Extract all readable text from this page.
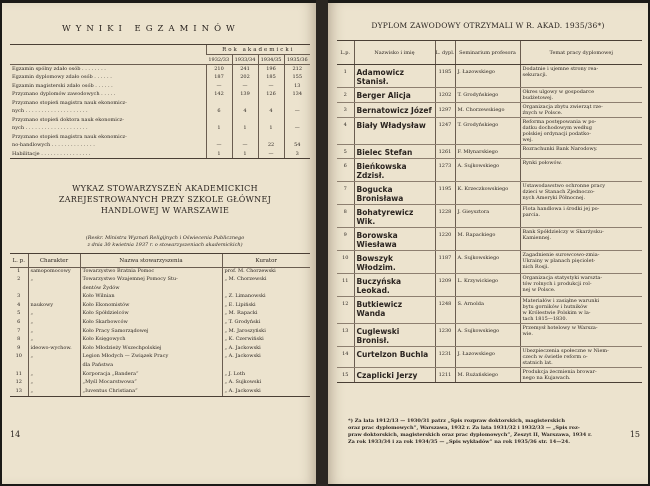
WYNIKI EGZAMINÓW
	Rok akademicki			
	1932/33	1933/34	1934/35	1935/36
Egzamin spólny zdało osób . . . . . . . .	210	241	196	212
Egzamin dyplomowy zdało osób . . . . . .	187	202	185	155
Egzamin magisterski zdało osób . . . . . .	—	—	—	13
Przyznano dyplomów zawodowych . . . . .	142	139	126	134
Przyznano stopień magistra nauk ekonomicz-				
nych . . . . . . . . . . . . . . . . . . . .	6	4	4	—
Przyznano stopień doktora nauk ekonomicz-				
nych . . . . . . . . . . . . . . . . . . . .	1	1	1	—
Przyznano stopień magistra nauk ekonomicz-				
no-handlowych . . . . . . . . . . . . . .	—	—	22	54
Habilitacje . . . . . . . . . . . . . . . .	1	1	—	3
WYKAZ STOWARZYSZEŃ AKADEMICKICH
ZAREJESTROWANYCH PRZY SZKOLE GŁÓWNEJ
HANDLOWEJ W WARSZAWIE
(Reskr. Ministra Wyznań Religijnych i Oświecenia Publicznego
z dnia 30 kwietnia 1937 r. o stowarzyszeniach akademickich)
L. p.	Charakter	Nazwa stowarzyszenia	Kurator
1	samopomocowy	Towarzystwo Bratnia Pomoc	prof. M. Chorzewski
2	„	Towarzystwo Wzajemnej Pomocy Stu-	„ M. Chorzewski
		dentów Żydów	
3		Koło Wilnian	„ Z. Limanowski
4	naukowy	Koło Ekonomistów	„ E. Lipiński
5	„	Koło Spółdzielców	„ M. Rapacki
6	„	Koło Skarbowców	„ T. Grodyński
7	„	Koło Pracy Samorządowej	„ M. Jaroszyński
8	„	Koło Księgowych	„ K. Czerwiński
9	ideowo-wychow.	Koło Młodzieży Wszechpolskiej	„ A. Jackowski
10	„	Legion Młodych — Związek Pracy	„ A. Jackowski
		dla Państwa	
11	„	Korporacja „Bandera”	„ J. Loth
12	„	„Myśl Mocarstwowa”	„ A. Sujkowski
13	„	„Iuventus Christiana”	„ A. Jackowski
14
DYPLOM ZAWODOWY OTRZYMALI W R. AKAD. 1935/36*)
L.p.	Nazwisko i imię	L. dypl.	Seminarium profesora	Temat pracy dyplomowej
1	Adamowicz Stanisł.	1185	J. Łazowskiego	Dodatnie i ujemne strony rea-
sekuracji.

2	Berger Alicja	1202	T. Grodyńskiego	Okres ulgowy w gospodarce
budżetowej.

3	Bernatowicz Józef	1297	M. Chorzewskiego	Organizacja zbytu zwierząt rze-
źnych w Polsce.

4	Biały Władysław	1247	T. Grodyńskiego	Reforma postępowania w po-
datku dochodowym według
polskiej ordynacji podatko-
wej.

5	Bielec Stefan	1261	F. Młynarskiego	Rozrachunki Bank Narodowy.

6	Bieńkowska Zdzisł.	1273	A. Sujkowskiego	Rynki połowów.

7	Bogucka Bronisława	1195	K. Krzeczkowskiego	Ustawodawstwo ochronne pracy
dzieci w Stanach Zjednoczo-
nych Ameryki Północnej.

8	Bohatyrewicz Wik.	1228	J. Gieysztora	Flota handlowa i środki jej po-
parcia.

9	Borowska Wiesława	1220	M. Rapackiego	Bank Spółdzielczy w Skarżysku-
Kamiennej.

10	Bowszyk Włodzim.	1187	A. Sujkowskiego	Zagadnienie surowcowo-zmia-
Ukrainy w planach pięciolet-
nich Rosji.

11	Buczyńska Leokad.	1209	L. Krzywickiego	Organizacja statystyki warszta-
tów rolnych i produkcji rol-
nej w Polsce.

12	Butkiewicz Wanda	1248	S. Arnolda	Materiałów i zasiąłne warunki
bytu gorników i hutników
w Królestwie Polskim w la-
tach 1815—1830.

13	Cuglewski Bronisł.	1230	A. Sujkowskiego	Przemysł hotelowy w Warsza-
wie.

14	Curtelzon Buchla	1231	J. Łazowskiego	Ubezpieczenia społeczne w Niem-
czech w świetle reform o-
statnich lat.

15	Czaplicki Jerzy	1211	M. Rużańskiego	Produkcja żecmienia browar-
nego na Kujawach.
*) Za lata 1912/13 — 1930/31 patrz „Spis rozpraw doktorskich, magisterskich
oraz prac dyplomowych”, Warszawa, 1932 r. Za lata 1931/32 i 1932/33 — „Spis roz-
praw doktorskich, magisterskich oraz prac dyplomowych”, Zeszyt II, Warszawa, 1934 r.
Za rok 1933/34 i za rok 1934/35 — „Spis wykładów” na rok 1935/36 str. 14—24.
15
